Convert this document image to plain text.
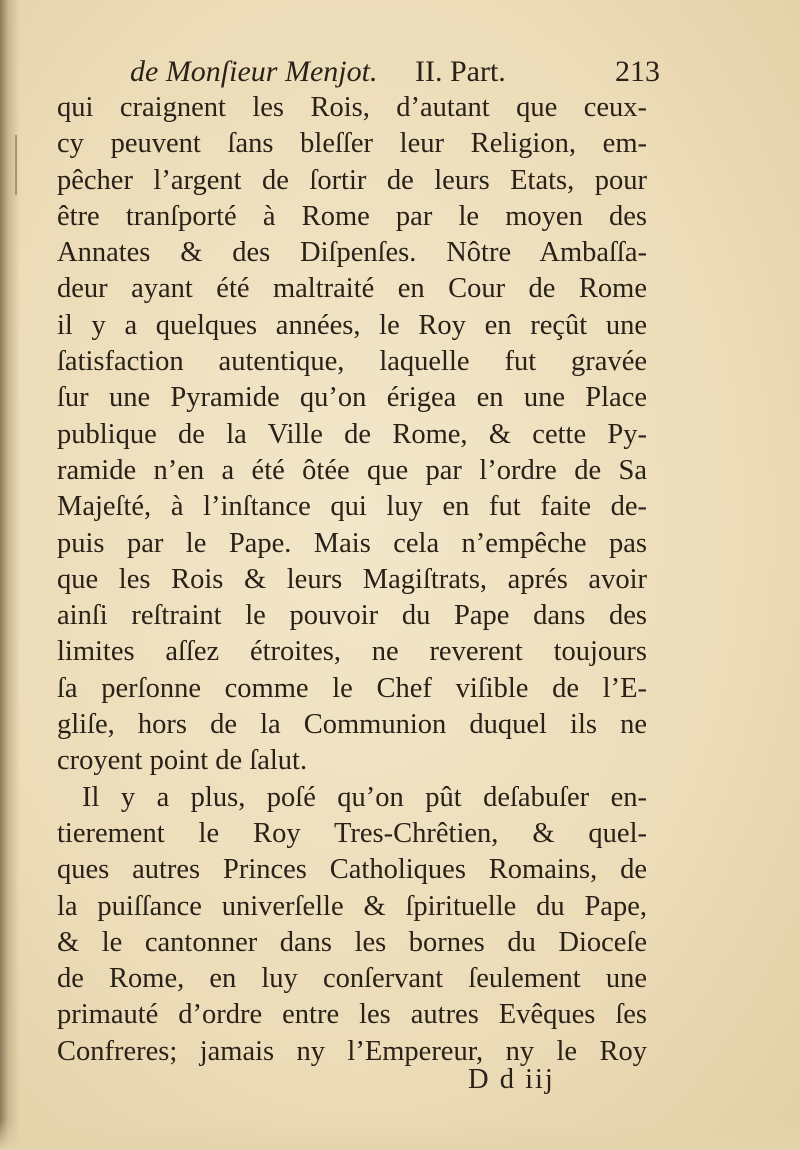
de Monſieur Menjot. II. Part.	213
qui craignent les Rois, d’autant que ceux-
cy peuvent ſans bleſſer leur Religion, em-
pêcher l’argent de ſortir de leurs Etats, pour
être tranſporté à Rome par le moyen des
Annates & des Diſpenſes. Nôtre Ambaſſa-
deur ayant été maltraité en Cour de Rome
il y a quelques années, le Roy en reçût une
ſatisfaction autentique, laquelle fut gravée
ſur une Pyramide qu’on érigea en une Place
publique de la Ville de Rome, & cette Py-
ramide n’en a été ôtée que par l’ordre de Sa
Majeſté, à l’inſtance qui luy en fut faite de-
puis par le Pape. Mais cela n’empêche pas
que les Rois & leurs Magiſtrats, aprés avoir
ainſi reſtraint le pouvoir du Pape dans des
limites aſſez étroites, ne reverent toujours
ſa perſonne comme le Chef viſible de l’E-
gliſe, hors de la Communion duquel ils ne
croyent point de ſalut.
Il y a plus, poſé qu’on pût deſabuſer en-
tierement le Roy Tres-Chrêtien, & quel-
ques autres Princes Catholiques Romains, de
la puiſſance univerſelle & ſpirituelle du Pape,
& le cantonner dans les bornes du Dioceſe
de Rome, en luy conſervant ſeulement une
primauté d’ordre entre les autres Evêques ſes
Confreres; jamais ny l’Empereur, ny le Roy
D d iij
